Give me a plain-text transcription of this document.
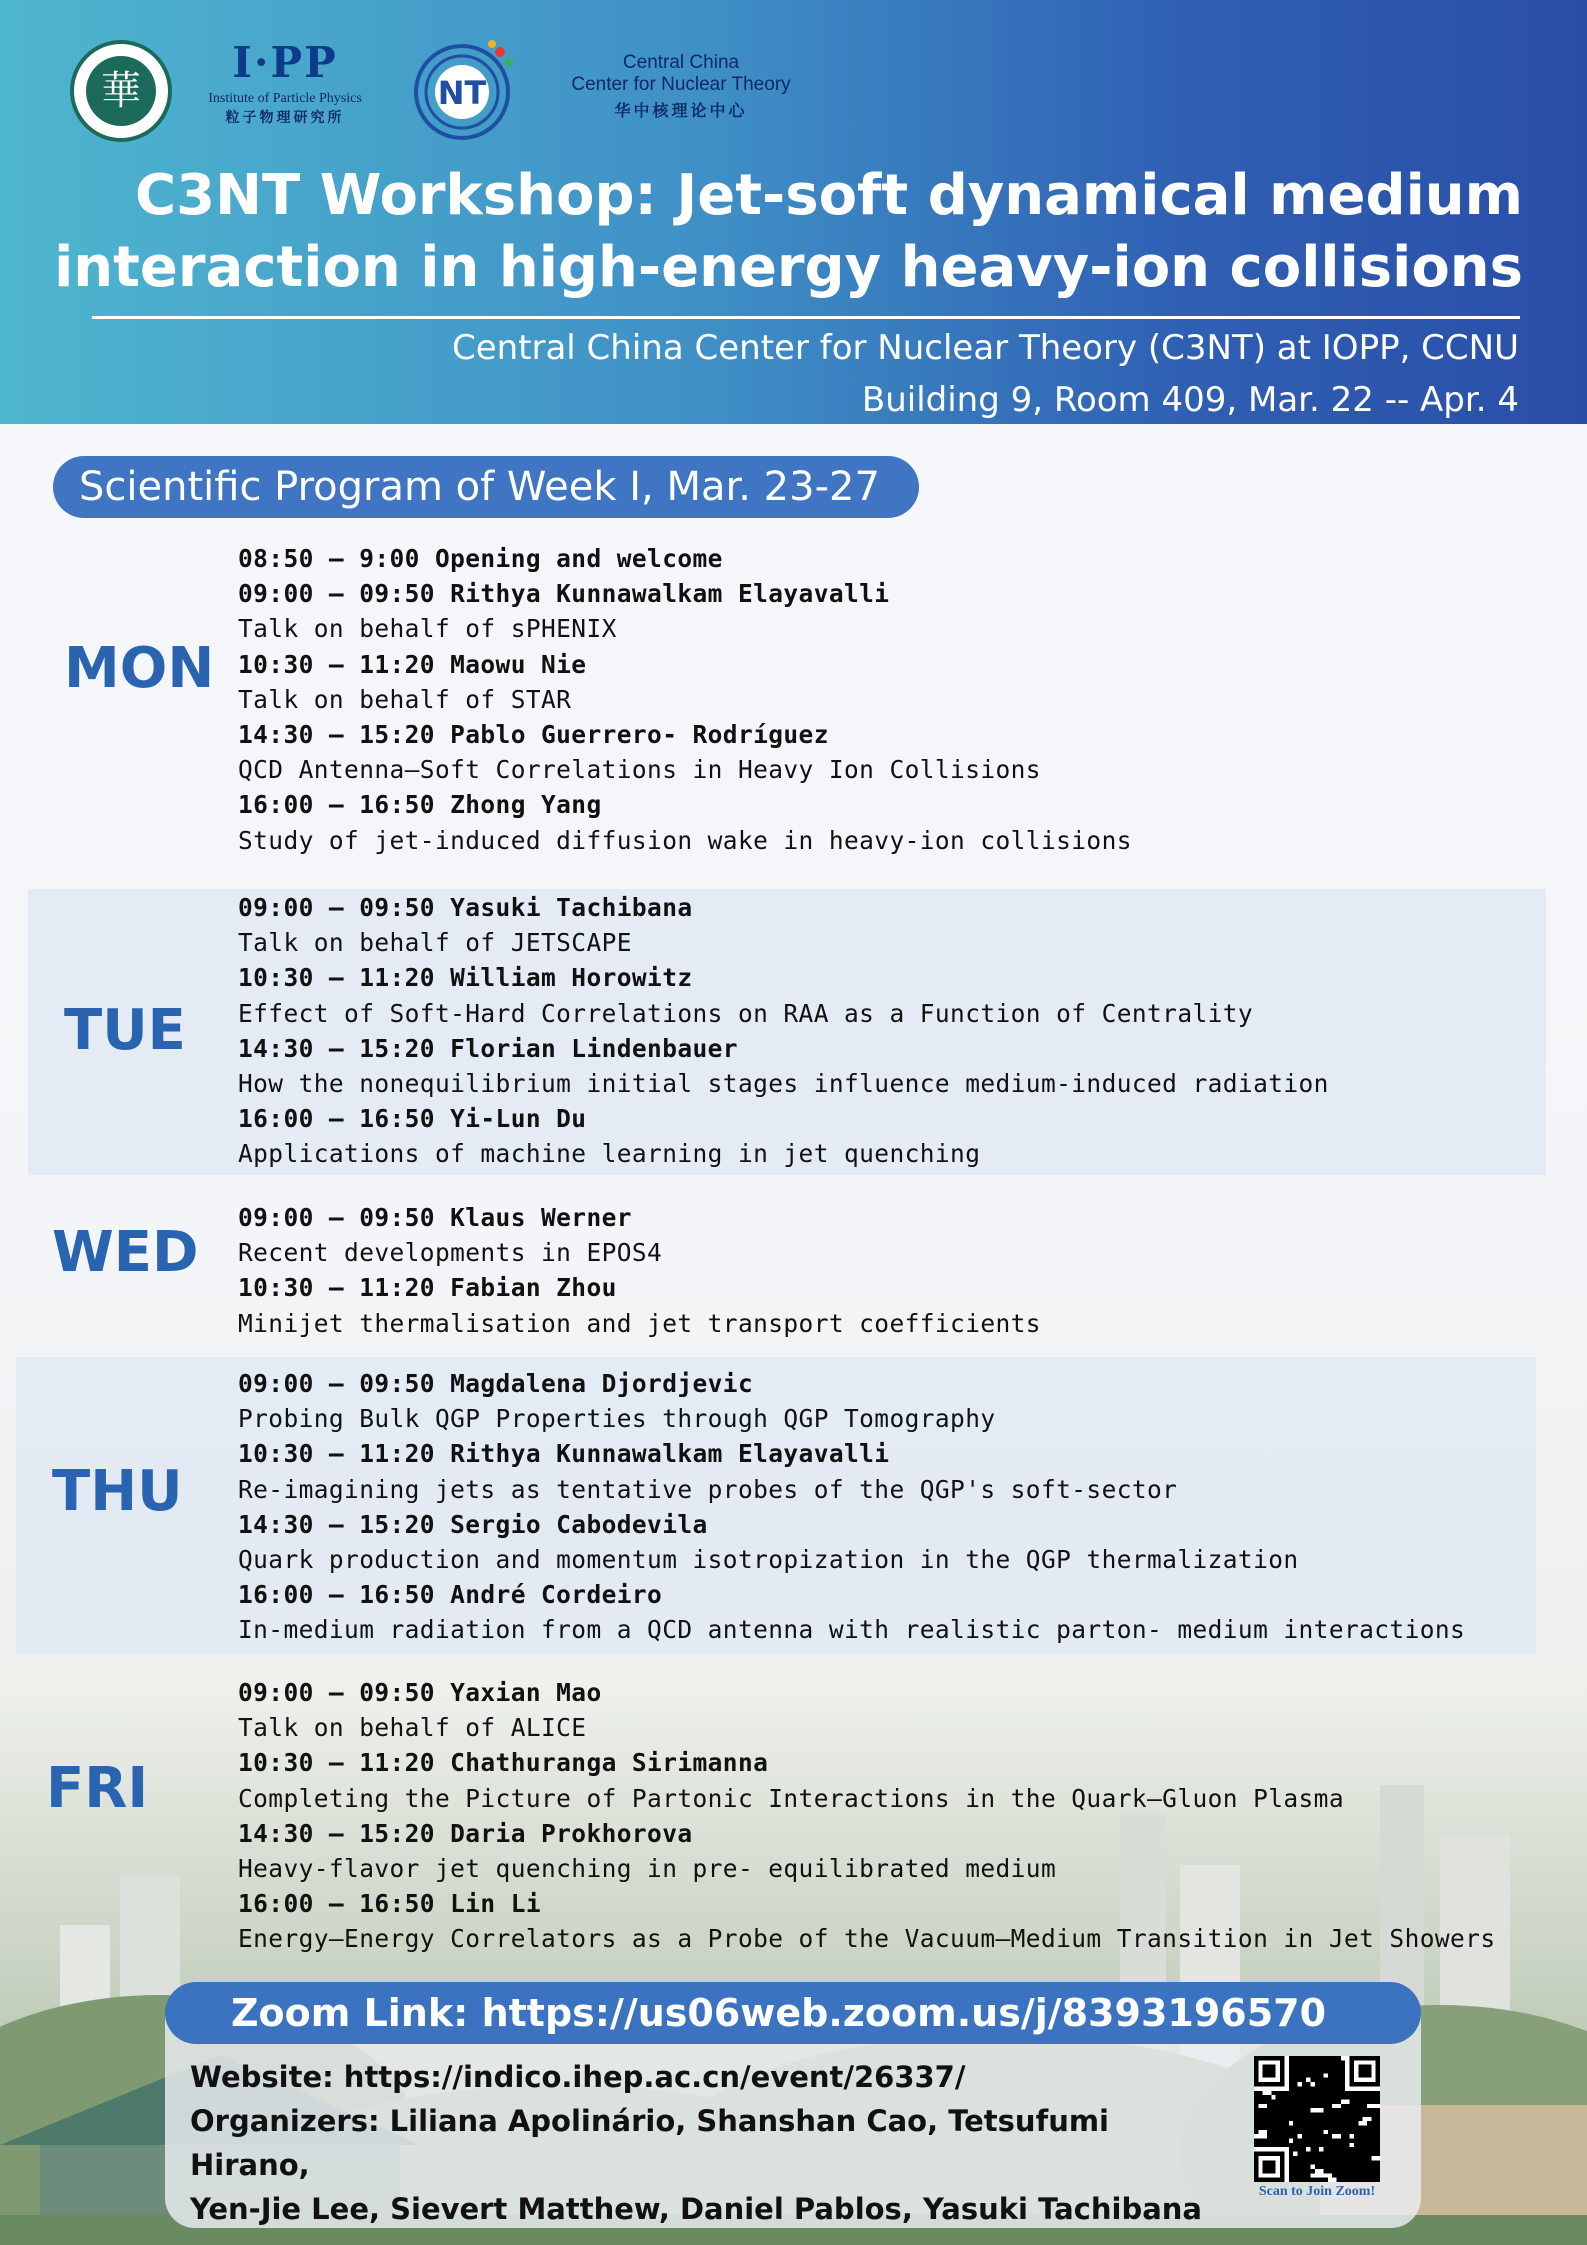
華
I·PP
Institute of Particle Physics
粒子物理研究所
NT
Central China
Center for Nuclear Theory
华中核理论中心
C3NT Workshop: Jet-soft dynamical medium
interaction in high-energy heavy-ion collisions
Central China Center for Nuclear Theory (C3NT) at IOPP, CCNU
Building 9, Room 409, Mar. 22 -- Apr. 4
Scientific Program of Week I, Mar. 23-27
MON
08:50 – 9:00 Opening and welcome
09:00 – 09:50 Rithya Kunnawalkam Elayavalli
Talk on behalf of sPHENIX
10:30 – 11:20 Maowu Nie
Talk on behalf of STAR
14:30 – 15:20 Pablo Guerrero- Rodríguez
QCD Antenna—Soft Correlations in Heavy Ion Collisions
16:00 – 16:50 Zhong Yang
Study of jet-induced diffusion wake in heavy-ion collisions
TUE
09:00 – 09:50 Yasuki Tachibana
Talk on behalf of JETSCAPE
10:30 – 11:20 William Horowitz
Effect of Soft-Hard Correlations on RAA as a Function of Centrality
14:30 – 15:20 Florian Lindenbauer
How the nonequilibrium initial stages influence medium-induced radiation
16:00 – 16:50 Yi-Lun Du
Applications of machine learning in jet quenching
WED
09:00 – 09:50 Klaus Werner
Recent developments in EPOS4
10:30 – 11:20 Fabian Zhou
Minijet thermalisation and jet transport coefficients
THU
09:00 – 09:50 Magdalena Djordjevic
Probing Bulk QGP Properties through QGP Tomography
10:30 – 11:20 Rithya Kunnawalkam Elayavalli
Re-imagining jets as tentative probes of the QGP's soft-sector
14:30 – 15:20 Sergio Cabodevila
Quark production and momentum isotropization in the QGP thermalization
16:00 – 16:50 André Cordeiro
In-medium radiation from a QCD antenna with realistic parton- medium interactions
FRI
09:00 – 09:50 Yaxian Mao
Talk on behalf of ALICE
10:30 – 11:20 Chathuranga Sirimanna
Completing the Picture of Partonic Interactions in the Quark–Gluon Plasma
14:30 – 15:20 Daria Prokhorova
Heavy-flavor jet quenching in pre- equilibrated medium
16:00 – 16:50 Lin Li
Energy–Energy Correlators as a Probe of the Vacuum–Medium Transition in Jet Showers
Zoom Link: https://us06web.zoom.us/j/8393196570
Website: https://indico.ihep.ac.cn/event/26337/
Organizers: Liliana Apolinário, Shanshan Cao, Tetsufumi Hirano,
Yen-Jie Lee, Sievert Matthew, Daniel Pablos, Yasuki Tachibana
Scan to Join Zoom!
